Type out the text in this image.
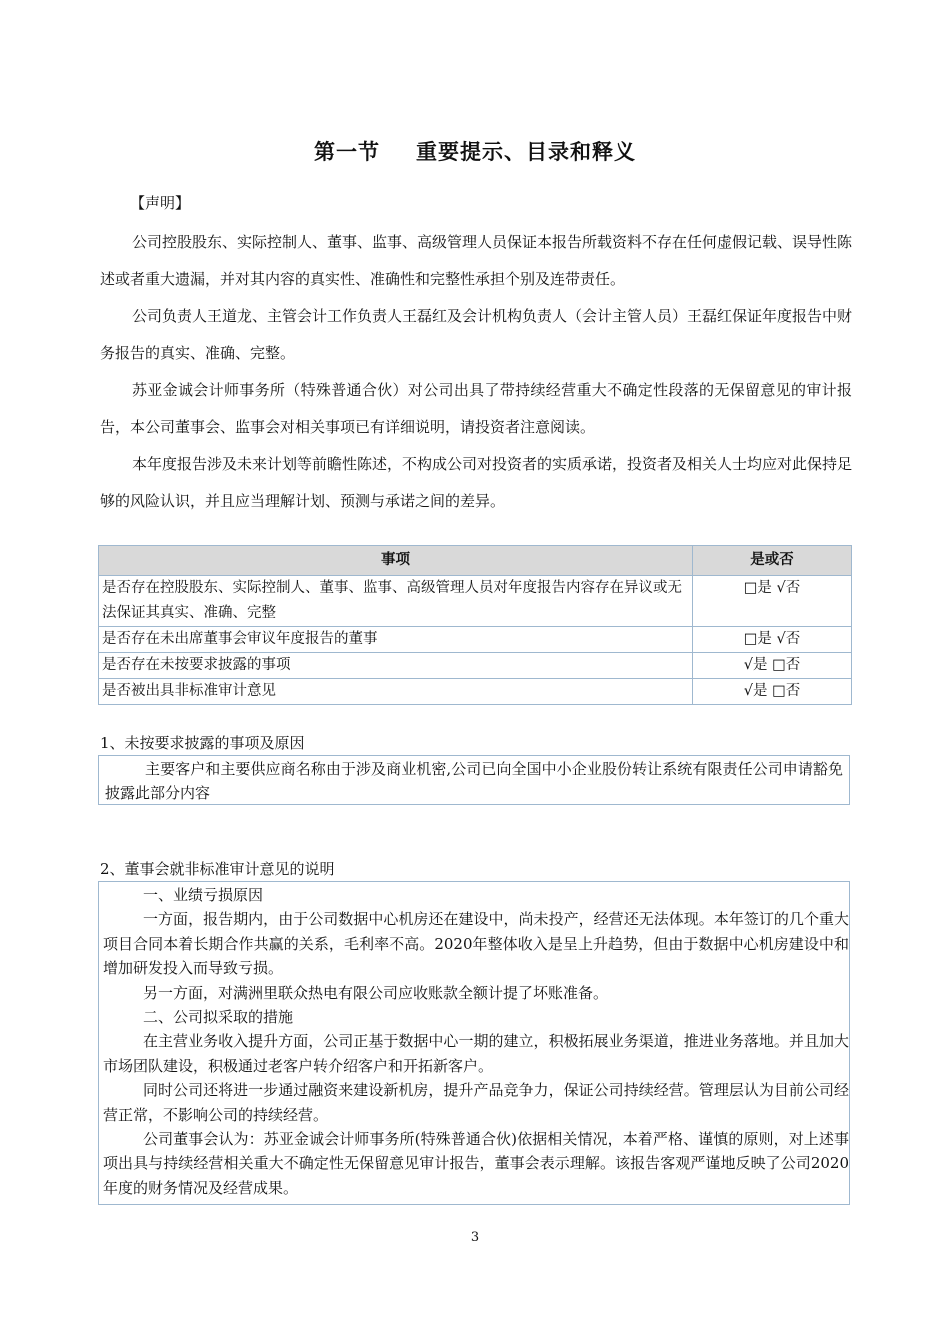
第一节 重要提示、目录和释义
【声明】
公司控股股东、实际控制人、董事、监事、高级管理人员保证本报告所载资料不存在任何虚假记载、误导性陈述或者重大遗漏，并对其内容的真实性、准确性和完整性承担个别及连带责任。
公司负责人王道龙、主管会计工作负责人王磊红及会计机构负责人（会计主管人员）王磊红保证年度报告中财务报告的真实、准确、完整。
苏亚金诚会计师事务所（特殊普通合伙）对公司出具了带持续经营重大不确定性段落的无保留意见的审计报告，本公司董事会、监事会对相关事项已有详细说明，请投资者注意阅读。
本年度报告涉及未来计划等前瞻性陈述，不构成公司对投资者的实质承诺，投资者及相关人士均应对此保持足够的风险认识，并且应当理解计划、预测与承诺之间的差异。
事项	是或否
是否存在控股股东、实际控制人、董事、监事、高级管理人员对年度报告内容存在异议或无法保证其真实、准确、完整	□是 √否
是否存在未出席董事会审议年度报告的董事	□是 √否
是否存在未按要求披露的事项	√是 □否
是否被出具非标准审计意见	√是 □否
1、未按要求披露的事项及原因

主要客户和主要供应商名称由于涉及商业机密,公司已向全国中小企业股份转让系统有限责任公司申请豁免披露此部分内容

2、董事会就非标准审计意见的说明

一、业绩亏损原因

一方面，报告期内，由于公司数据中心机房还在建设中，尚未投产，经营还无法体现。本年签订的几个重大项目合同本着长期合作共赢的关系，毛利率不高。2020年整体收入是呈上升趋势，但由于数据中心机房建设中和增加研发投入而导致亏损。

另一方面，对满洲里联众热电有限公司应收账款全额计提了坏账准备。

二、公司拟采取的措施

在主营业务收入提升方面，公司正基于数据中心一期的建立，积极拓展业务渠道，推进业务落地。并且加大市场团队建设，积极通过老客户转介绍客户和开拓新客户。

同时公司还将进一步通过融资来建设新机房，提升产品竞争力，保证公司持续经营。管理层认为目前公司经营正常，不影响公司的持续经营。

公司董事会认为：苏亚金诚会计师事务所(特殊普通合伙)依据相关情况，本着严格、谨慎的原则，对上述事项出具与持续经营相关重大不确定性无保留意见审计报告，董事会表示理解。该报告客观严谨地反映了公司2020年度的财务情况及经营成果。

3
